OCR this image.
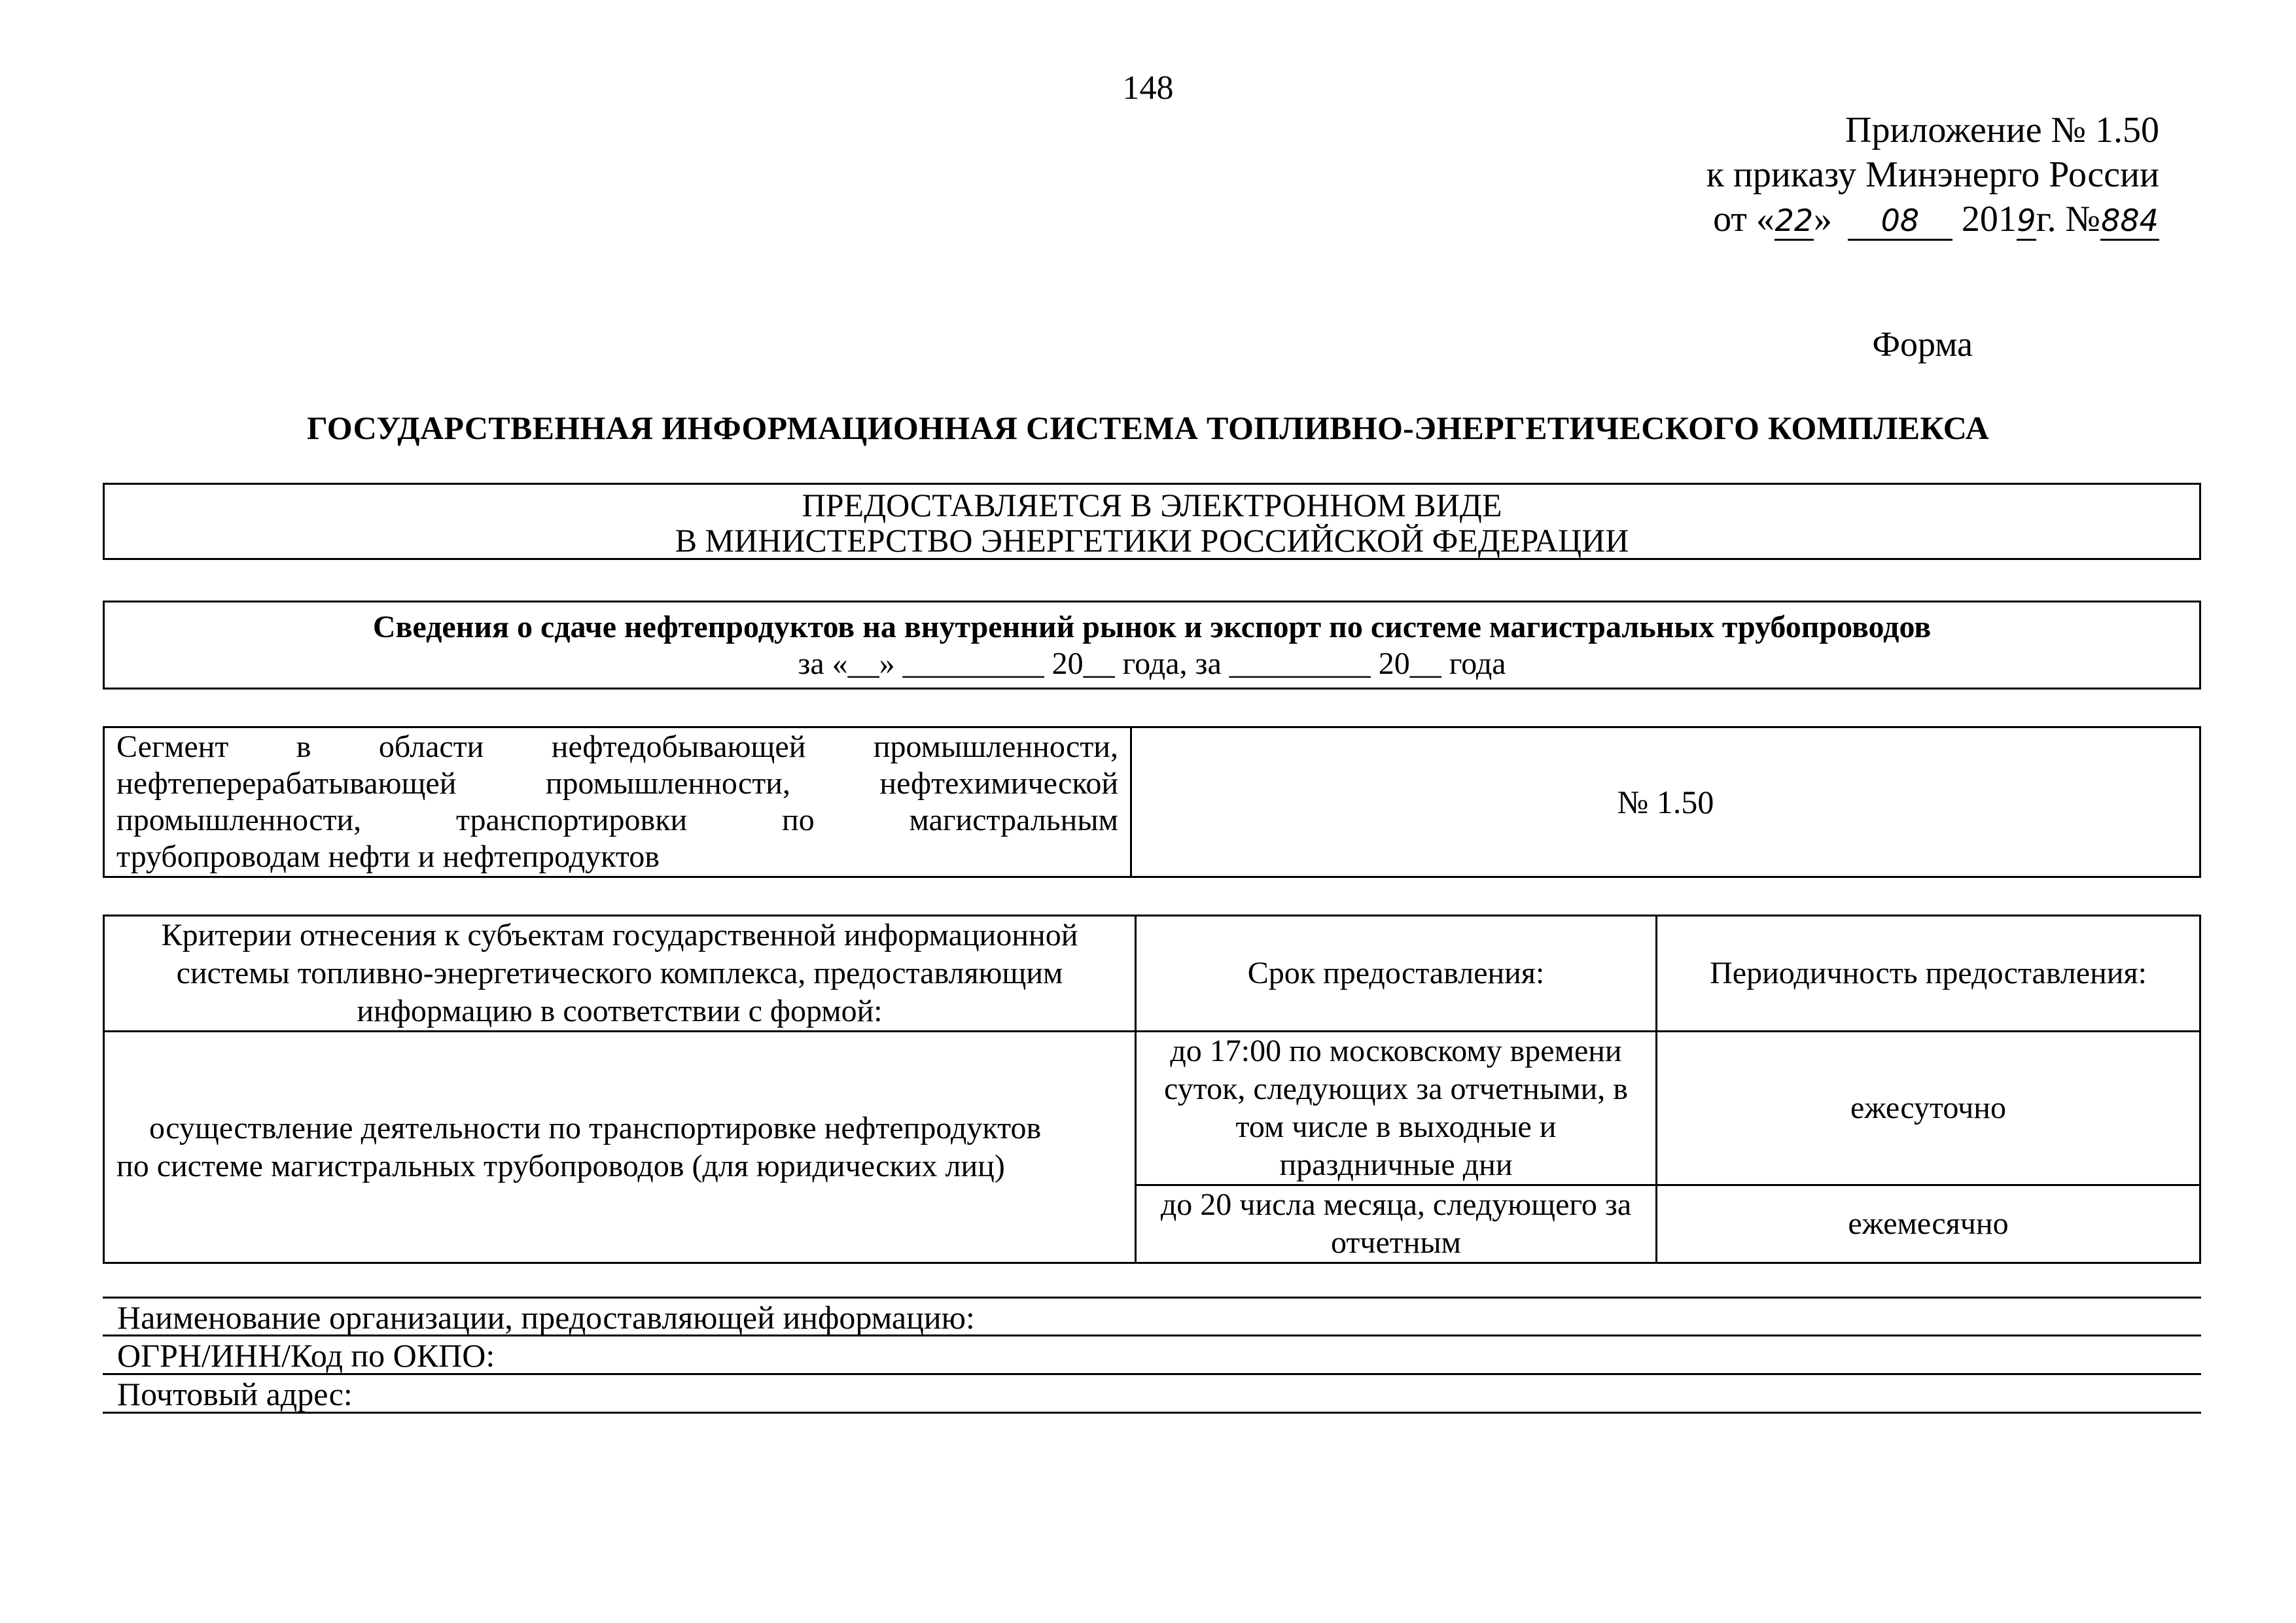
148
Приложение № 1.50
к приказу Минэнерго России
от «22» 08 2019г. №884
Форма
ГОСУДАРСТВЕННАЯ ИНФОРМАЦИОННАЯ СИСТЕМА ТОПЛИВНО-ЭНЕРГЕТИЧЕСКОГО КОМПЛЕКСА
ПРЕДОСТАВЛЯЕТСЯ В ЭЛЕКТРОННОМ ВИДЕ
В МИНИСТЕРСТВО ЭНЕРГЕТИКИ РОССИЙСКОЙ ФЕДЕРАЦИИ
Сведения о сдаче нефтепродуктов на внутренний рынок и экспорт по системе магистральных трубопроводов
за «__» _________ 20__ года, за _________ 20__ года
Сегмент в области нефтедобывающей промышленности, нефтеперерабатывающей промышленности, нефтехимической промышленности, транспортировки по магистральным
трубопроводам нефти и нефтепродуктов
	№ 1.50
Критерии отнесения к субъектам государственной информационной системы топливно-энергетического комплекса, предоставляющим информацию в соответствии с формой:	Срок предоставления:	Периодичность предоставления:

осуществление деятельности по транспортировке нефтепродуктов
по системе магистральных трубопроводов (для юридических лиц)	до 17:00 по московскому времени суток, следующих за отчетными, в том числе в выходные и праздничные дни	ежесуточно
	до 20 числа месяца, следующего за отчетным	ежемесячно
Наименование организации, предоставляющей информацию:
ОГРН/ИНН/Код по ОКПО:
Почтовый адрес:
